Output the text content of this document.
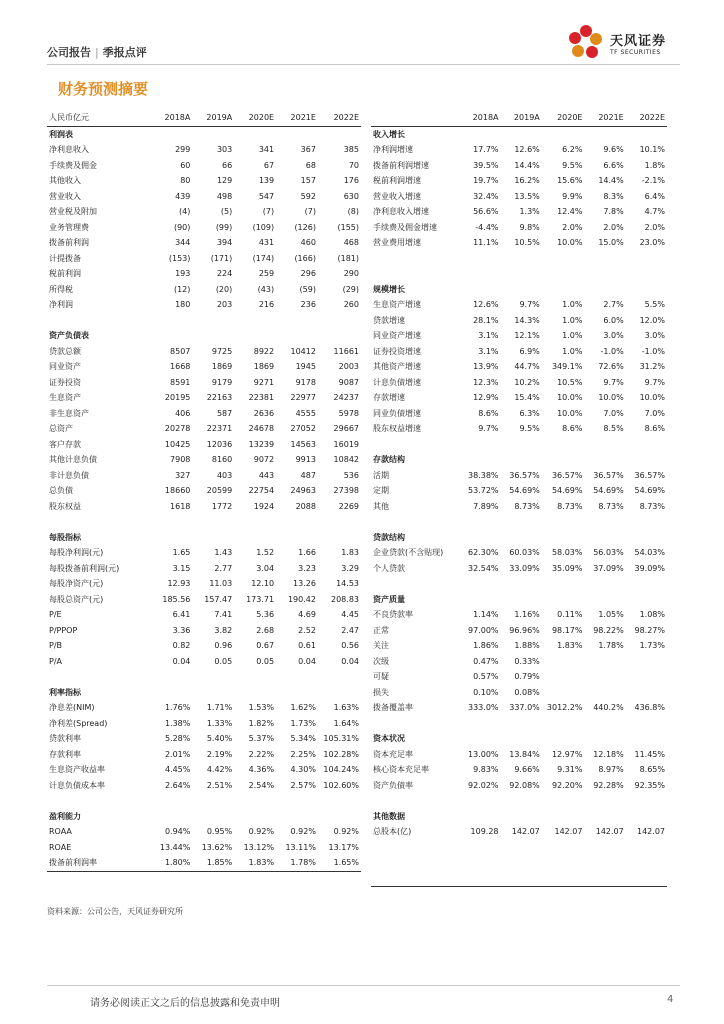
公司报告 | 季报点评
天风证券
TF SECURITIES
财务预测摘要
人民币亿元	2018A	2019A	2020E	2021E	2022E
利润表					
净利息收入	299	303	341	367	385
手续费及佣金	60	66	67	68	70
其他收入	80	129	139	157	176
营业收入	439	498	547	592	630
营业税及附加	(4)	(5)	(7)	(7)	(8)
业务管理费	(90)	(99)	(109)	(126)	(155)
拨备前利润	344	394	431	460	468
计提拨备	(153)	(171)	(174)	(166)	(181)
税前利润	193	224	259	296	290
所得税	(12)	(20)	(43)	(59)	(29)
净利润	180	203	216	236	260

资产负债表					
贷款总额	8507	9725	8922	10412	11661
同业资产	1668	1869	1869	1945	2003
证券投资	8591	9179	9271	9178	9087
生息资产	20195	22163	22381	22977	24237
非生息资产	406	587	2636	4555	5978
总资产	20278	22371	24678	27052	29667
客户存款	10425	12036	13239	14563	16019
其他计息负债	7908	8160	9072	9913	10842
非计息负债	327	403	443	487	536
总负债	18660	20599	22754	24963	27398
股东权益	1618	1772	1924	2088	2269

每股指标					
每股净利润(元)	1.65	1.43	1.52	1.66	1.83
每股拨备前利润(元)	3.15	2.77	3.04	3.23	3.29
每股净资产(元)	12.93	11.03	12.10	13.26	14.53
每股总资产(元)	185.56	157.47	173.71	190.42	208.83
P/E	6.41	7.41	5.36	4.69	4.45
P/PPOP	3.36	3.82	2.68	2.52	2.47
P/B	0.82	0.96	0.67	0.61	0.56
P/A	0.04	0.05	0.05	0.04	0.04

利率指标					
净息差(NIM)	1.76%	1.71%	1.53%	1.62%	1.63%
净利差(Spread)	1.38%	1.33%	1.82%	1.73%	1.64%
贷款利率	5.28%	5.40%	5.37%	5.34%	105.31%
存款利率	2.01%	2.19%	2.22%	2.25%	102.28%
生息资产收益率	4.45%	4.42%	4.36%	4.30%	104.24%
计息负债成本率	2.64%	2.51%	2.54%	2.57%	102.60%

盈利能力					
ROAA	0.94%	0.95%	0.92%	0.92%	0.92%
ROAE	13.44%	13.62%	13.12%	13.11%	13.17%
拨备前利润率	1.80%	1.85%	1.83%	1.78%	1.65%
	2018A	2019A	2020E	2021E	2022E
收入增长					
净利润增速	17.7%	12.6%	6.2%	9.6%	10.1%
拨备前利润增速	39.5%	14.4%	9.5%	6.6%	1.8%
税前利润增速	19.7%	16.2%	15.6%	14.4%	-2.1%
营业收入增速	32.4%	13.5%	9.9%	8.3%	6.4%
净利息收入增速	56.6%	1.3%	12.4%	7.8%	4.7%
手续费及佣金增速	-4.4%	9.8%	2.0%	2.0%	2.0%
营业费用增速	11.1%	10.5%	10.0%	15.0%	23.0%

规模增长					
生息资产增速	12.6%	9.7%	1.0%	2.7%	5.5%
贷款增速	28.1%	14.3%	1.0%	6.0%	12.0%
同业资产增速	3.1%	12.1%	1.0%	3.0%	3.0%
证券投资增速	3.1%	6.9%	1.0%	-1.0%	-1.0%
其他资产增速	13.9%	44.7%	349.1%	72.6%	31.2%
计息负债增速	12.3%	10.2%	10.5%	9.7%	9.7%
存款增速	12.9%	15.4%	10.0%	10.0%	10.0%
同业负债增速	8.6%	6.3%	10.0%	7.0%	7.0%
股东权益增速	9.7%	9.5%	8.6%	8.5%	8.6%

存款结构					
活期	38.38%	36.57%	36.57%	36.57%	36.57%
定期	53.72%	54.69%	54.69%	54.69%	54.69%
其他	7.89%	8.73%	8.73%	8.73%	8.73%

贷款结构					
企业贷款(不含贴现)	62.30%	60.03%	58.03%	56.03%	54.03%
个人贷款	32.54%	33.09%	35.09%	37.09%	39.09%

资产质量					
不良贷款率	1.14%	1.16%	0.11%	1.05%	1.08%
正常	97.00%	96.96%	98.17%	98.22%	98.27%
关注	1.86%	1.88%	1.83%	1.78%	1.73%
次级	0.47%	0.33%			
可疑	0.57%	0.79%			
损失	0.10%	0.08%			
拨备覆盖率	333.0%	337.0%	3012.2%	440.2%	436.8%

资本状况					
资本充足率	13.00%	13.84%	12.97%	12.18%	11.45%
核心资本充足率	9.83%	9.66%	9.31%	8.97%	8.65%
资产负债率	92.02%	92.08%	92.20%	92.28%	92.35%

其他数据					
总股本(亿)	109.28	142.07	142.07	142.07	142.07

资料来源：公司公告，天风证券研究所
请务必阅读正文之后的信息披露和免责申明	4
